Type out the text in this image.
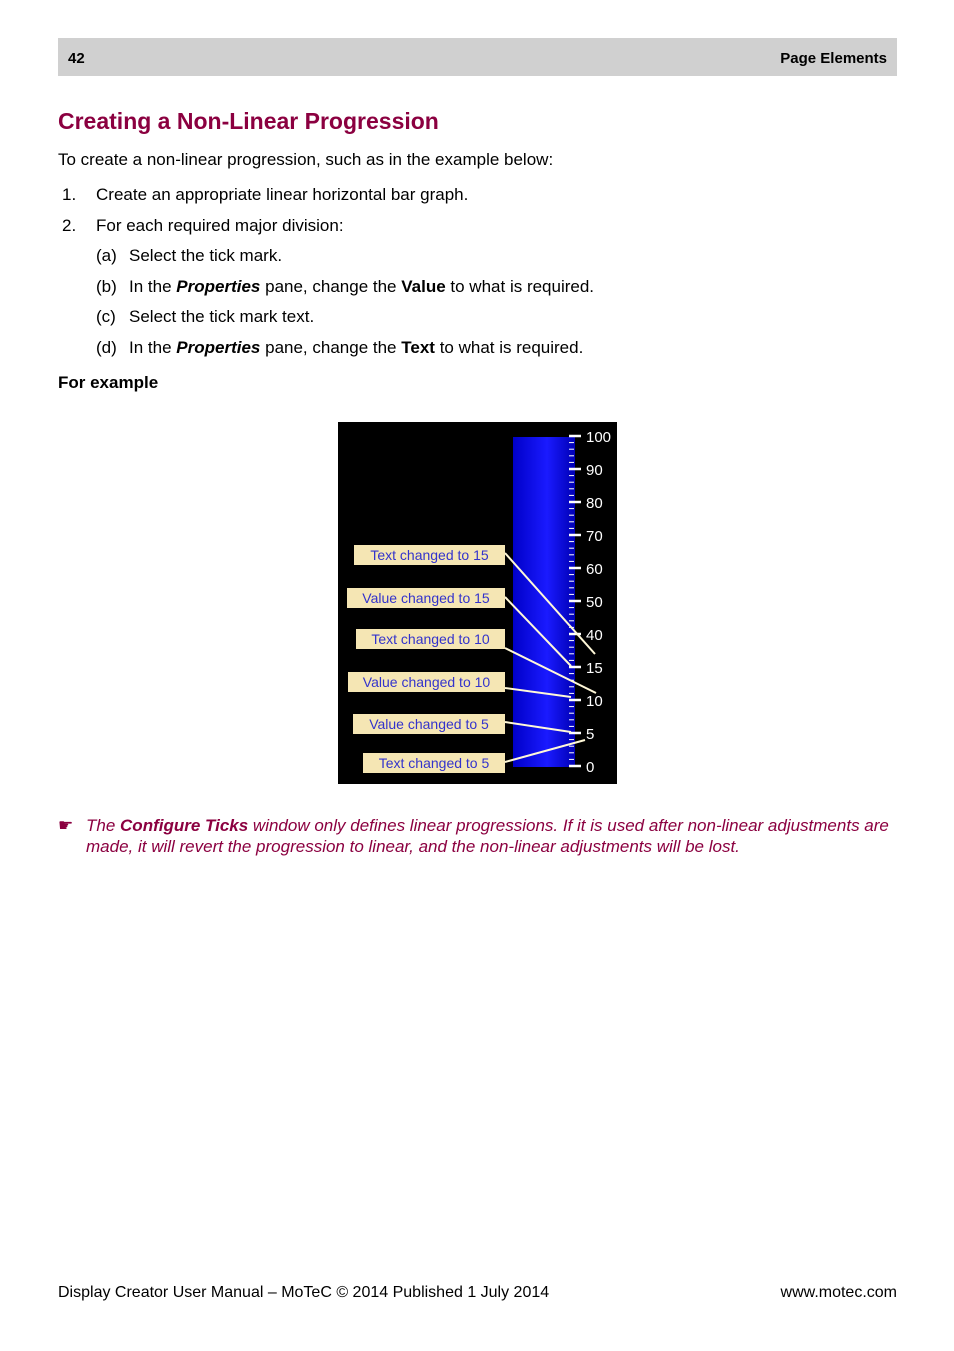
42	Page Elements
Creating a Non-Linear Progression
To create a non-linear progression, such as in the example below:
1. Create an appropriate linear horizontal bar graph.
2. For each required major division:
(a) Select the tick mark.
(b) In the Properties pane, change the Value to what is required.
(c) Select the tick mark text.
(d) In the Properties pane, change the Text to what is required.
For example
100
90
80
70
60
50
40
15
10
5
0
Text changed to 15
Value changed to 15
Text changed to 10
Value changed to 10
Value changed to 5
Text changed to 5
☛ The Configure Ticks window only defines linear progressions. If it is used after non-linear adjustments are made, it will revert the progression to linear, and the non-linear adjustments will be lost.
Display Creator User Manual – MoTeC © 2014 Published 1 July 2014	www.motec.com
